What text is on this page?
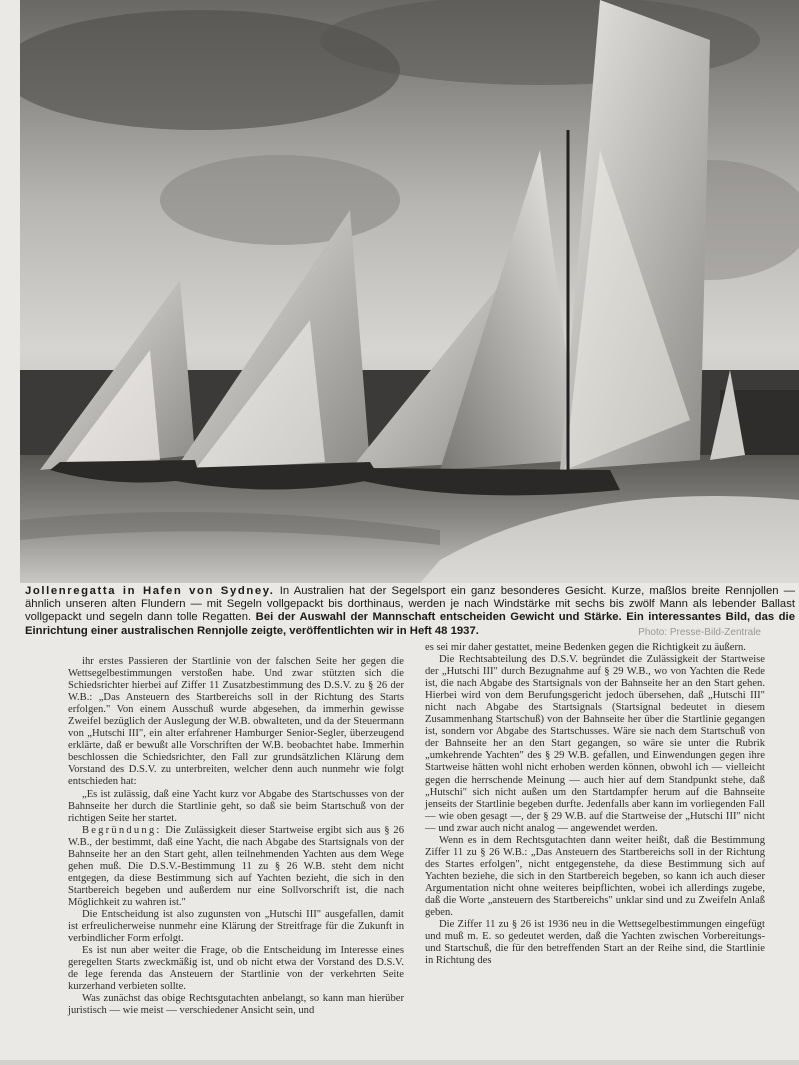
Jollenregatta in Hafen von Sydney. In Australien hat der Segelsport ein ganz besonderes Gesicht. Kurze, maßlos breite Rennjollen — ähnlich unseren alten Flundern — mit Segeln vollgepackt bis dorthinaus, werden je nach Windstärke mit sechs bis zwölf Mann als lebender Ballast vollgepackt und segeln dann tolle Regatten. Bei der Auswahl der Mannschaft entscheiden Gewicht und Stärke. Ein interessantes Bild, das die Einrichtung einer australischen Rennjolle zeigte, veröffentlichten wir in Heft 48 1937.	Photo: Presse-Bild-Zentrale

ihr erstes Passieren der Startlinie von der falschen Seite her gegen die Wettsegelbestimmungen verstoßen habe. Und zwar stützten sich die Schiedsrichter hierbei auf Ziffer 11 Zusatzbestimmung des D.S.V. zu § 26 der W.B.: „Das Ansteuern des Startbereichs soll in der Richtung des Starts erfolgen." Von einem Ausschuß wurde abgesehen, da immerhin gewisse Zweifel bezüglich der Auslegung der W.B. obwalteten, und da der Steuermann von „Hutschi III", ein alter erfahrener Hamburger Senior-Segler, überzeugend erklärte, daß er bewußt alle Vorschriften der W.B. beobachtet habe. Immerhin beschlossen die Schiedsrichter, den Fall zur grundsätzlichen Klärung dem Vorstand des D.S.V. zu unterbreiten, welcher denn auch nunmehr wie folgt entschieden hat:

„Es ist zulässig, daß eine Yacht kurz vor Abgabe des Startschusses von der Bahnseite her durch die Startlinie geht, so daß sie beim Startschuß von der richtigen Seite her startet.

Begründung: Die Zulässigkeit dieser Startweise ergibt sich aus § 26 W.B., der bestimmt, daß eine Yacht, die nach Abgabe des Startsignals von der Bahnseite her an den Start geht, allen teilnehmenden Yachten aus dem Wege gehen muß. Die D.S.V.-Bestimmung 11 zu § 26 W.B. steht dem nicht entgegen, da diese Bestimmung sich auf Yachten bezieht, die sich in den Startbereich begeben und außerdem nur eine Sollvorschrift ist, die nach Möglichkeit zu wahren ist."

Die Entscheidung ist also zugunsten von „Hutschi III" ausgefallen, damit ist erfreulicherweise nunmehr eine Klärung der Streitfrage für die Zukunft in verbindlicher Form erfolgt.

Es ist nun aber weiter die Frage, ob die Entscheidung im Interesse eines geregelten Starts zweckmäßig ist, und ob nicht etwa der Vorstand des D.S.V. de lege ferenda das Ansteuern der Startlinie von der verkehrten Seite kurzerhand verbieten sollte.

Was zunächst das obige Rechtsgutachten anbelangt, so kann man hierüber juristisch — wie meist — verschiedener Ansicht sein, und

es sei mir daher gestattet, meine Bedenken gegen die Richtigkeit zu äußern.

Die Rechtsabteilung des D.S.V. begründet die Zulässigkeit der Startweise der „Hutschi III" durch Bezugnahme auf § 29 W.B., wo von Yachten die Rede ist, die nach Abgabe des Startsignals von der Bahnseite her an den Start gehen. Hierbei wird von dem Berufungsgericht jedoch übersehen, daß „Hutschi III" nicht nach Abgabe des Startsignals (Startsignal bedeutet in diesem Zusammenhang Startschuß) von der Bahnseite her über die Startlinie gegangen ist, sondern vor Abgabe des Startschusses. Wäre sie nach dem Startschuß von der Bahnseite her an den Start gegangen, so wäre sie unter die Rubrik „umkehrende Yachten" des § 29 W.B. gefallen, und Einwendungen gegen ihre Startweise hätten wohl nicht erhoben werden können, obwohl ich — vielleicht gegen die herrschende Meinung — auch hier auf dem Standpunkt stehe, daß „Hutschi" sich nicht außen um den Startdampfer herum auf die Bahnseite jenseits der Startlinie begeben durfte. Jedenfalls aber kann im vorliegenden Fall — wie oben gesagt —, der § 29 W.B. auf die Startweise der „Hutschi III" nicht — und zwar auch nicht analog — angewendet werden.

Wenn es in dem Rechtsgutachten dann weiter heißt, daß die Bestimmung Ziffer 11 zu § 26 W.B.: „Das Ansteuern des Startbereichs soll in der Richtung des Startes erfolgen", nicht entgegenstehe, da diese Bestimmung sich auf Yachten beziehe, die sich in den Startbereich begeben, so kann ich auch dieser Argumentation nicht ohne weiteres beipflichten, wobei ich allerdings zugebe, daß die Worte „ansteuern des Startbereichs" unklar sind und zu Zweifeln Anlaß geben.

Die Ziffer 11 zu § 26 ist 1936 neu in die Wettsegelbestimmungen eingefügt und muß m. E. so gedeutet werden, daß die Yachten zwischen Vorbereitungs- und Startschuß, die für den betreffenden Start an der Reihe sind, die Startlinie in Richtung des
